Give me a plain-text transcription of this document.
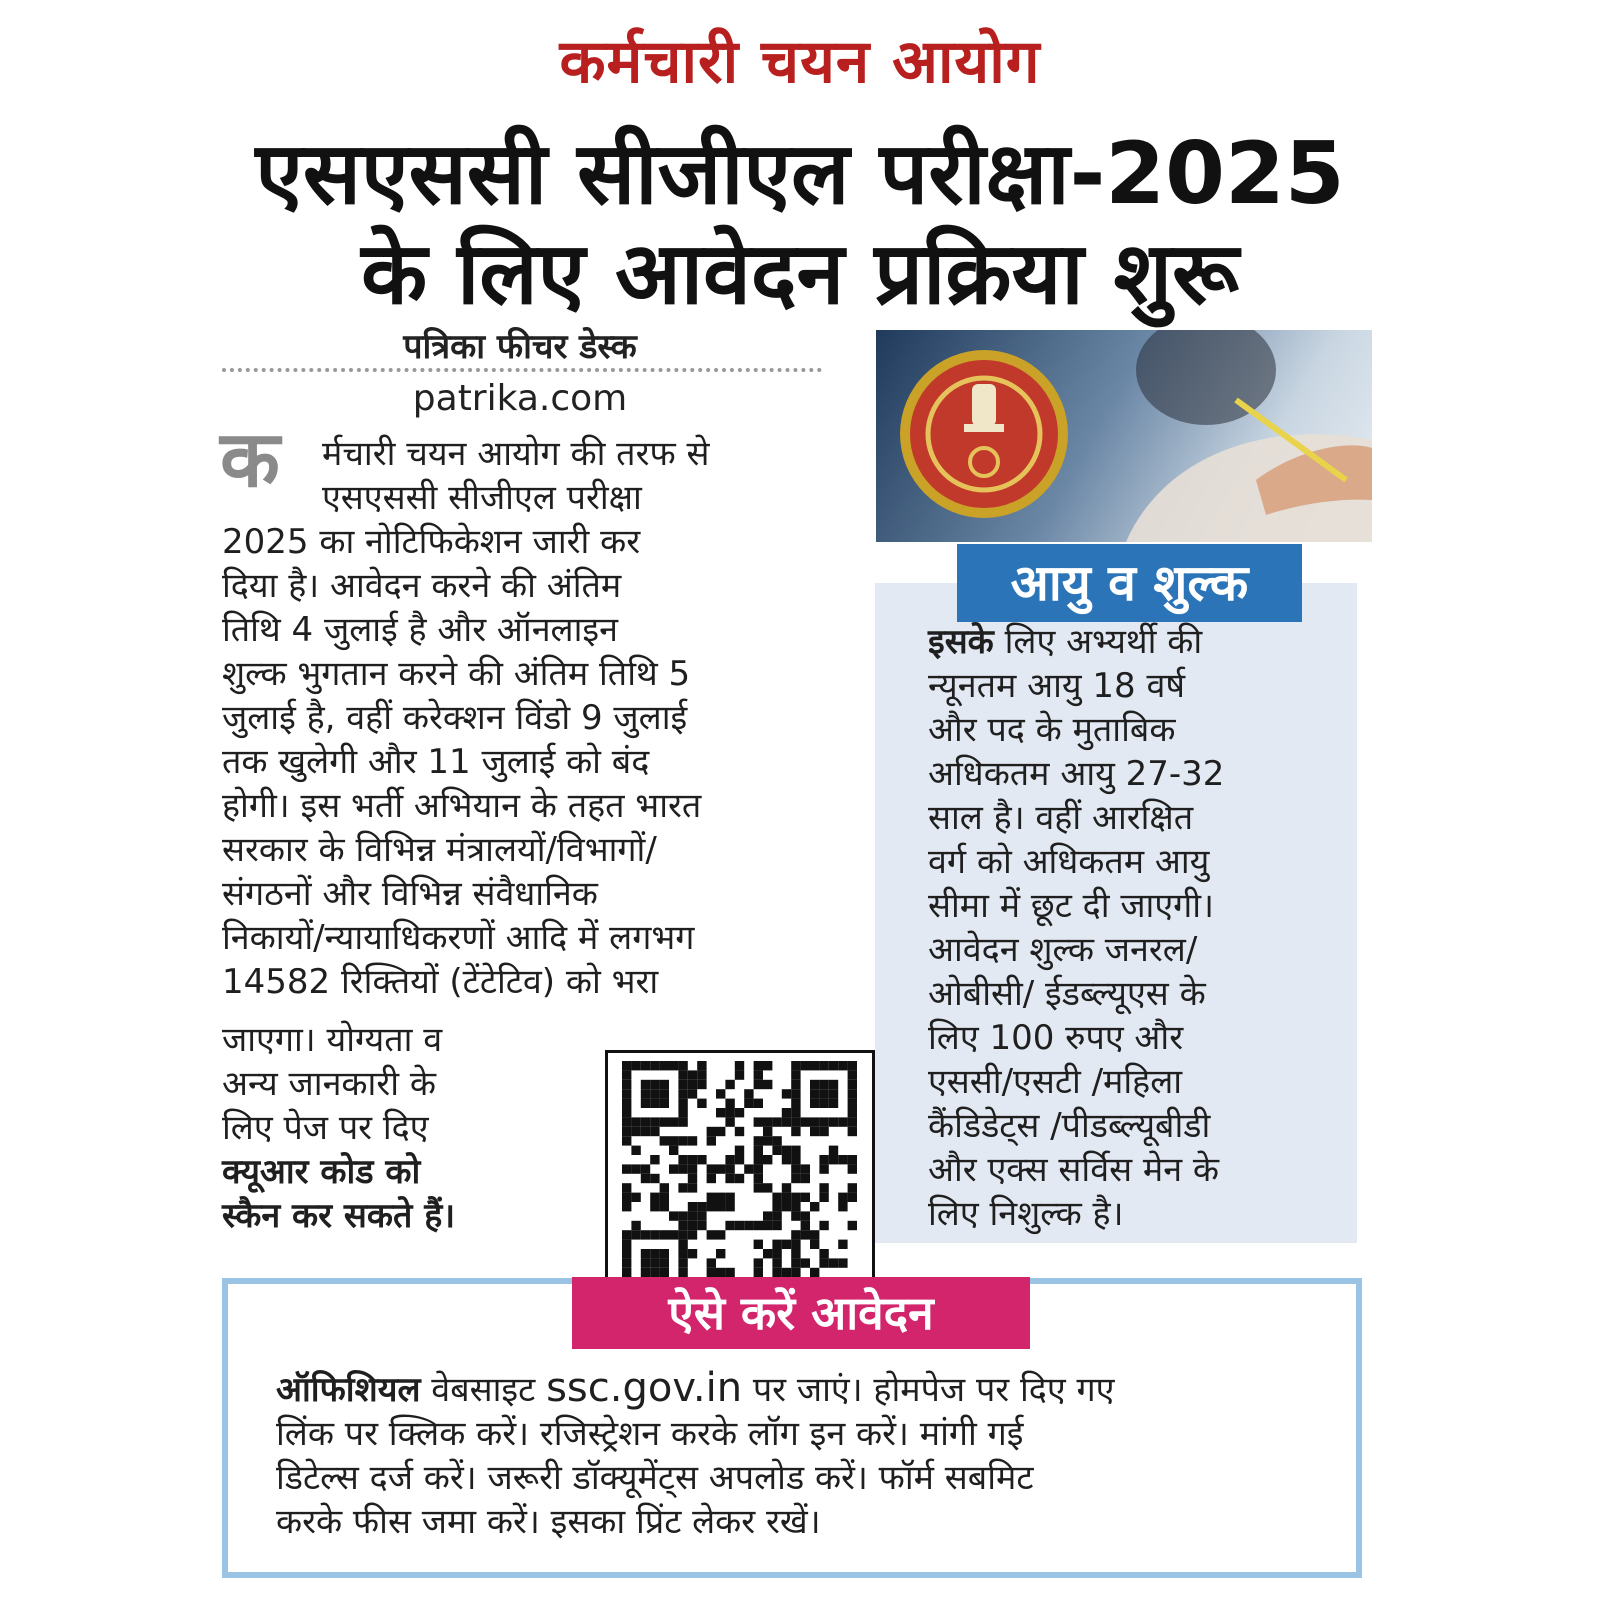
कर्मचारी चयन आयोग
एसएससी सीजीएल परीक्षा-2025
के लिए आवेदन प्रक्रिया शुरू
पत्रिका फीचर डेस्क
patrika.com
क	र्मचारी चयन आयोग की तरफ से
एसएससी सीजीएल परीक्षा
2025 का नोटिफिकेशन जारी कर
दिया है। आवेदन करने की अंतिम
तिथि 4 जुलाई है और ऑनलाइन
शुल्क भुगतान करने की अंतिम तिथि 5
जुलाई है, वहीं करेक्शन विंडो 9 जुलाई
तक खुलेगी और 11 जुलाई को बंद
होगी। इस भर्ती अभियान के तहत भारत
सरकार के विभिन्न मंत्रालयों/विभागों/
संगठनों और विभिन्न संवैधानिक
निकायों/न्यायाधिकरणों आदि में लगभग
14582 रिक्तियों (टेंटेटिव) को भरा
जाएगा। योग्यता व
अन्य जानकारी के
लिए पेज पर दिए
क्यूआर कोड को
स्कैन कर सकते हैं।
आयु व शुल्क
इसके लिए अभ्यर्थी की
न्यूनतम आयु 18 वर्ष
और पद के मुताबिक
अधिकतम आयु 27-32
साल है। वहीं आरक्षित
वर्ग को अधिकतम आयु
सीमा में छूट दी जाएगी।
आवेदन शुल्क जनरल/
ओबीसी/ ईडब्ल्यूएस के
लिए 100 रुपए और
एससी/एसटी /महिला
कैंडिडेट्स /पीडब्ल्यूबीडी
और एक्स सर्विस मेन के
लिए निशुल्क है।
ऐसे करें आवेदन
ऑफिशियल वेबसाइट ssc.gov.in पर जाएं। होमपेज पर दिए गए
लिंक पर क्लिक करें। रजिस्ट्रेशन करके लॉग इन करें। मांगी गई
डिटेल्स दर्ज करें। जरूरी डॉक्यूमेंट्स अपलोड करें। फॉर्म सबमिट
करके फीस जमा करें। इसका प्रिंट लेकर रखें।
